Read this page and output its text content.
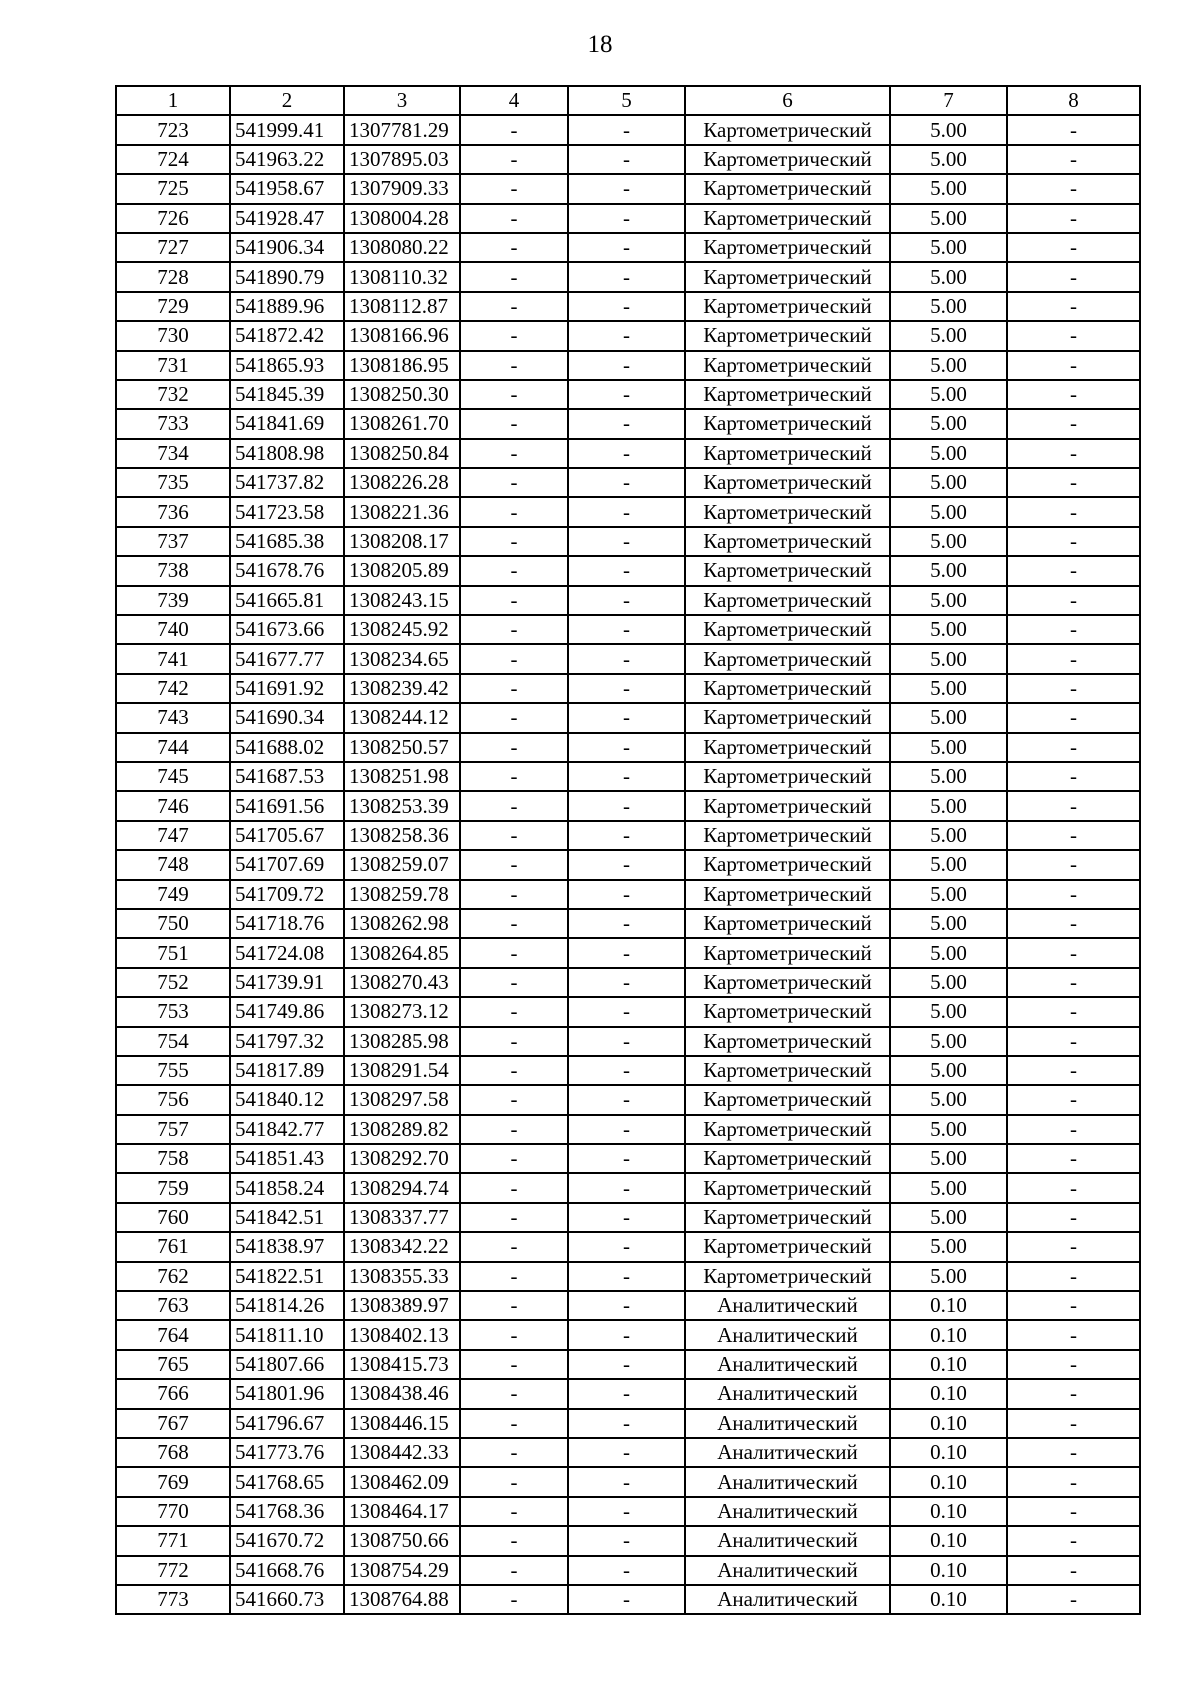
18
1	2	3	4	5	6	7	8
723	541999.41	1307781.29	-	-	Картометрический	5.00	-
724	541963.22	1307895.03	-	-	Картометрический	5.00	-
725	541958.67	1307909.33	-	-	Картометрический	5.00	-
726	541928.47	1308004.28	-	-	Картометрический	5.00	-
727	541906.34	1308080.22	-	-	Картометрический	5.00	-
728	541890.79	1308110.32	-	-	Картометрический	5.00	-
729	541889.96	1308112.87	-	-	Картометрический	5.00	-
730	541872.42	1308166.96	-	-	Картометрический	5.00	-
731	541865.93	1308186.95	-	-	Картометрический	5.00	-
732	541845.39	1308250.30	-	-	Картометрический	5.00	-
733	541841.69	1308261.70	-	-	Картометрический	5.00	-
734	541808.98	1308250.84	-	-	Картометрический	5.00	-
735	541737.82	1308226.28	-	-	Картометрический	5.00	-
736	541723.58	1308221.36	-	-	Картометрический	5.00	-
737	541685.38	1308208.17	-	-	Картометрический	5.00	-
738	541678.76	1308205.89	-	-	Картометрический	5.00	-
739	541665.81	1308243.15	-	-	Картометрический	5.00	-
740	541673.66	1308245.92	-	-	Картометрический	5.00	-
741	541677.77	1308234.65	-	-	Картометрический	5.00	-
742	541691.92	1308239.42	-	-	Картометрический	5.00	-
743	541690.34	1308244.12	-	-	Картометрический	5.00	-
744	541688.02	1308250.57	-	-	Картометрический	5.00	-
745	541687.53	1308251.98	-	-	Картометрический	5.00	-
746	541691.56	1308253.39	-	-	Картометрический	5.00	-
747	541705.67	1308258.36	-	-	Картометрический	5.00	-
748	541707.69	1308259.07	-	-	Картометрический	5.00	-
749	541709.72	1308259.78	-	-	Картометрический	5.00	-
750	541718.76	1308262.98	-	-	Картометрический	5.00	-
751	541724.08	1308264.85	-	-	Картометрический	5.00	-
752	541739.91	1308270.43	-	-	Картометрический	5.00	-
753	541749.86	1308273.12	-	-	Картометрический	5.00	-
754	541797.32	1308285.98	-	-	Картометрический	5.00	-
755	541817.89	1308291.54	-	-	Картометрический	5.00	-
756	541840.12	1308297.58	-	-	Картометрический	5.00	-
757	541842.77	1308289.82	-	-	Картометрический	5.00	-
758	541851.43	1308292.70	-	-	Картометрический	5.00	-
759	541858.24	1308294.74	-	-	Картометрический	5.00	-
760	541842.51	1308337.77	-	-	Картометрический	5.00	-
761	541838.97	1308342.22	-	-	Картометрический	5.00	-
762	541822.51	1308355.33	-	-	Картометрический	5.00	-
763	541814.26	1308389.97	-	-	Аналитический	0.10	-
764	541811.10	1308402.13	-	-	Аналитический	0.10	-
765	541807.66	1308415.73	-	-	Аналитический	0.10	-
766	541801.96	1308438.46	-	-	Аналитический	0.10	-
767	541796.67	1308446.15	-	-	Аналитический	0.10	-
768	541773.76	1308442.33	-	-	Аналитический	0.10	-
769	541768.65	1308462.09	-	-	Аналитический	0.10	-
770	541768.36	1308464.17	-	-	Аналитический	0.10	-
771	541670.72	1308750.66	-	-	Аналитический	0.10	-
772	541668.76	1308754.29	-	-	Аналитический	0.10	-
773	541660.73	1308764.88	-	-	Аналитический	0.10	-
